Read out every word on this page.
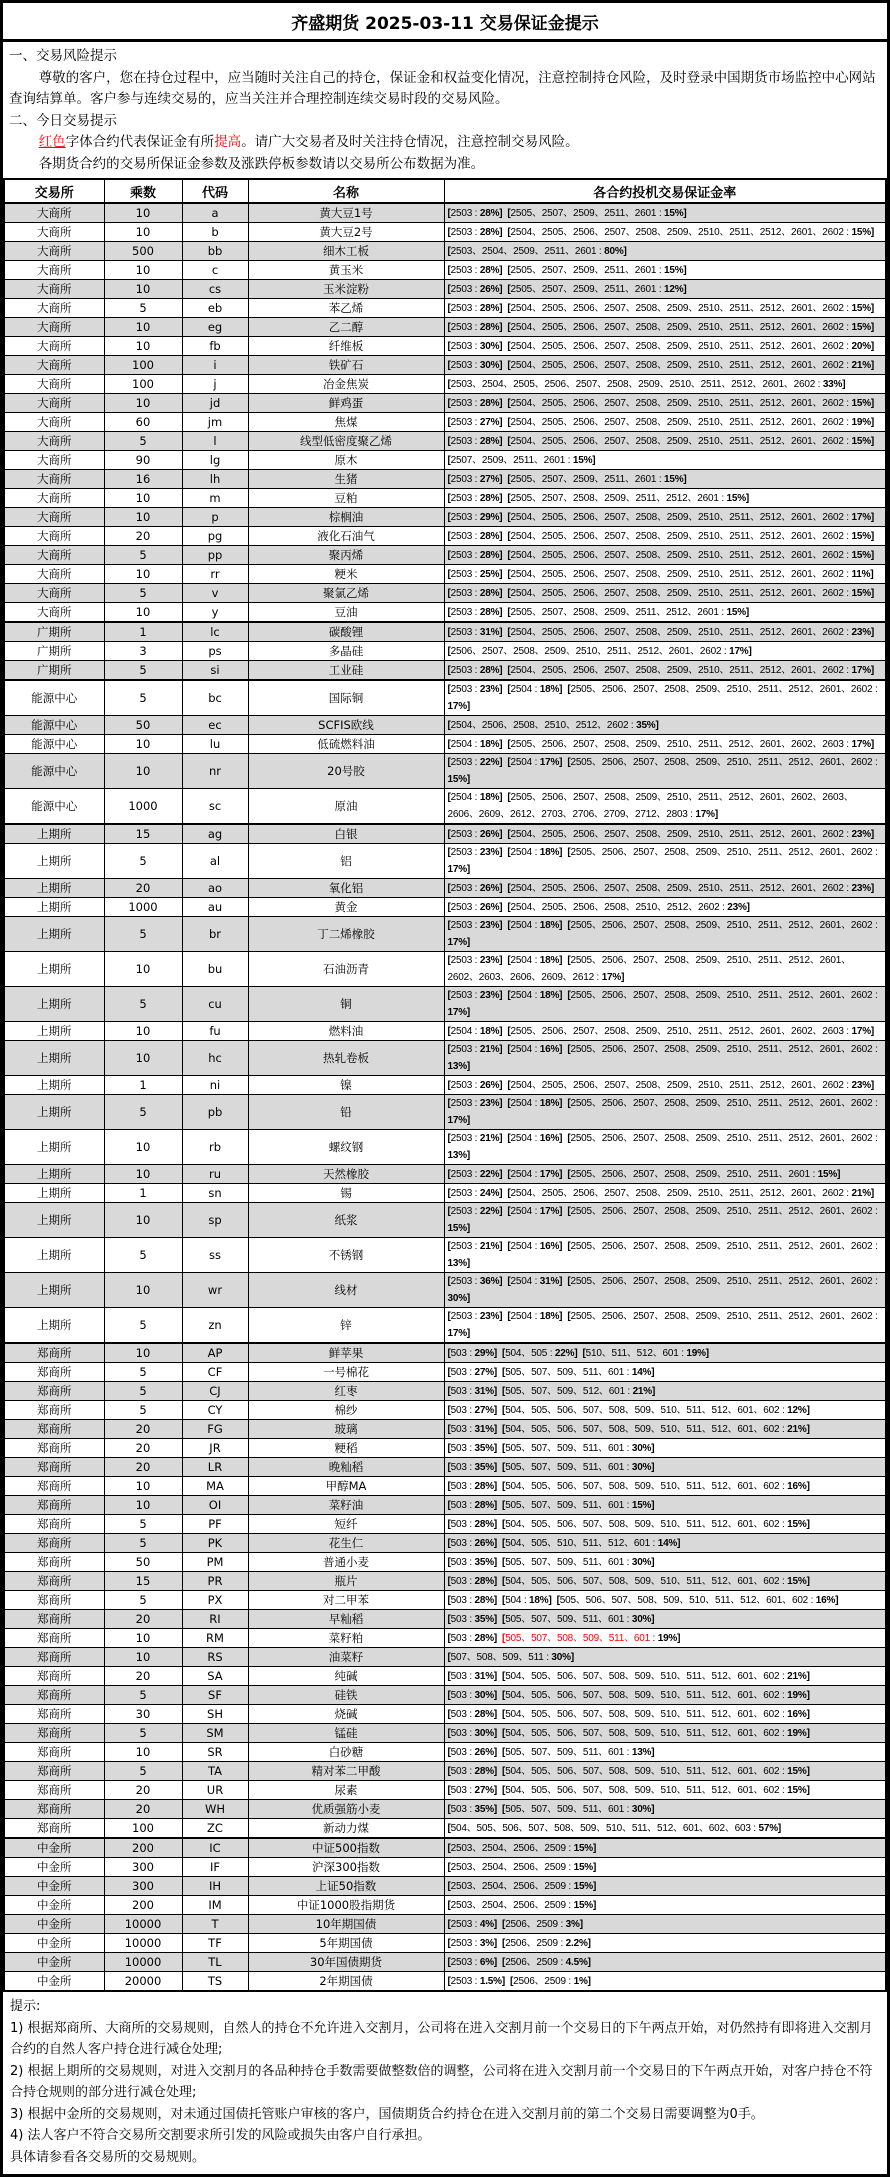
齐盛期货 2025-03-11 交易保证金提示

一、交易风险提示

尊敬的客户，您在持仓过程中，应当随时关注自己的持仓，保证金和权益变化情况，注意控制持仓风险，及时登录中国期货市场监控中心网站查询结算单。客户参与连续交易的，应当关注并合理控制连续交易时段的交易风险。

二、今日交易提示

红色字体合约代表保证金有所提高。请广大交易者及时关注持仓情况，注意控制交易风险。

各期货合约的交易所保证金参数及涨跌停板参数请以交易所公布数据为准。

交易所	乘数	代码	名称	各合约投机交易保证金率
大商所	10	a	黄大豆1号	[2503 : 28%] [2505、2507、2509、2511、2601 : 15%]
大商所	10	b	黄大豆2号	[2503 : 28%] [2504、2505、2506、2507、2508、2509、2510、2511、2512、2601、2602 : 15%]
大商所	500	bb	细木工板	[2503、2504、2509、2511、2601 : 80%]
大商所	10	c	黄玉米	[2503 : 28%] [2505、2507、2509、2511、2601 : 15%]
大商所	10	cs	玉米淀粉	[2503 : 26%] [2505、2507、2509、2511、2601 : 12%]
大商所	5	eb	苯乙烯	[2503 : 28%] [2504、2505、2506、2507、2508、2509、2510、2511、2512、2601、2602 : 15%]
大商所	10	eg	乙二醇	[2503 : 28%] [2504、2505、2506、2507、2508、2509、2510、2511、2512、2601、2602 : 15%]
大商所	10	fb	纤维板	[2503 : 30%] [2504、2505、2506、2507、2508、2509、2510、2511、2512、2601、2602 : 20%]
大商所	100	i	铁矿石	[2503 : 30%] [2504、2505、2506、2507、2508、2509、2510、2511、2512、2601、2602 : 21%]
大商所	100	j	冶金焦炭	[2503、2504、2505、2506、2507、2508、2509、2510、2511、2512、2601、2602 : 33%]
大商所	10	jd	鲜鸡蛋	[2503 : 28%] [2504、2505、2506、2507、2508、2509、2510、2511、2512、2601、2602 : 15%]
大商所	60	jm	焦煤	[2503 : 27%] [2504、2505、2506、2507、2508、2509、2510、2511、2512、2601、2602 : 19%]
大商所	5	l	线型低密度聚乙烯	[2503 : 28%] [2504、2505、2506、2507、2508、2509、2510、2511、2512、2601、2602 : 15%]
大商所	90	lg	原木	[2507、2509、2511、2601 : 15%]
大商所	16	lh	生猪	[2503 : 27%] [2505、2507、2509、2511、2601 : 15%]
大商所	10	m	豆粕	[2503 : 28%] [2505、2507、2508、2509、2511、2512、2601 : 15%]
大商所	10	p	棕榈油	[2503 : 29%] [2504、2505、2506、2507、2508、2509、2510、2511、2512、2601、2602 : 17%]
大商所	20	pg	液化石油气	[2503 : 28%] [2504、2505、2506、2507、2508、2509、2510、2511、2512、2601、2602 : 15%]
大商所	5	pp	聚丙烯	[2503 : 28%] [2504、2505、2506、2507、2508、2509、2510、2511、2512、2601、2602 : 15%]
大商所	10	rr	粳米	[2503 : 25%] [2504、2505、2506、2507、2508、2509、2510、2511、2512、2601、2602 : 11%]
大商所	5	v	聚氯乙烯	[2503 : 28%] [2504、2505、2506、2507、2508、2509、2510、2511、2512、2601、2602 : 15%]
大商所	10	y	豆油	[2503 : 28%] [2505、2507、2508、2509、2511、2512、2601 : 15%]
广期所	1	lc	碳酸锂	[2503 : 31%] [2504、2505、2506、2507、2508、2509、2510、2511、2512、2601、2602 : 23%]
广期所	3	ps	多晶硅	[2506、2507、2508、2509、2510、2511、2512、2601、2602 : 17%]
广期所	5	si	工业硅	[2503 : 28%] [2504、2505、2506、2507、2508、2509、2510、2511、2512、2601、2602 : 17%]
能源中心	5	bc	国际铜	[2503 : 23%] [2504 : 18%] [2505、2506、2507、2508、2509、2510、2511、2512、2601、2602 : 17%]
能源中心	50	ec	SCFIS欧线	[2504、2506、2508、2510、2512、2602 : 35%]
能源中心	10	lu	低硫燃料油	[2504 : 18%] [2505、2506、2507、2508、2509、2510、2511、2512、2601、2602、2603 : 17%]
能源中心	10	nr	20号胶	[2503 : 22%] [2504 : 17%] [2505、2506、2507、2508、2509、2510、2511、2512、2601、2602 : 15%]
能源中心	1000	sc	原油	[2504 : 18%] [2505、2506、2507、2508、2509、2510、2511、2512、2601、2602、2603、2606、2609、2612、2703、2706、2709、2712、2803 : 17%]
上期所	15	ag	白银	[2503 : 26%] [2504、2505、2506、2507、2508、2509、2510、2511、2512、2601、2602 : 23%]
上期所	5	al	铝	[2503 : 23%] [2504 : 18%] [2505、2506、2507、2508、2509、2510、2511、2512、2601、2602 : 17%]
上期所	20	ao	氧化铝	[2503 : 26%] [2504、2505、2506、2507、2508、2509、2510、2511、2512、2601、2602 : 23%]
上期所	1000	au	黄金	[2503 : 26%] [2504、2505、2506、2508、2510、2512、2602 : 23%]
上期所	5	br	丁二烯橡胶	[2503 : 23%] [2504 : 18%] [2505、2506、2507、2508、2509、2510、2511、2512、2601、2602 : 17%]
上期所	10	bu	石油沥青	[2503 : 23%] [2504 : 18%] [2505、2506、2507、2508、2509、2510、2511、2512、2601、2602、2603、2606、2609、2612 : 17%]
上期所	5	cu	铜	[2503 : 23%] [2504 : 18%] [2505、2506、2507、2508、2509、2510、2511、2512、2601、2602 : 17%]
上期所	10	fu	燃料油	[2504 : 18%] [2505、2506、2507、2508、2509、2510、2511、2512、2601、2602、2603 : 17%]
上期所	10	hc	热轧卷板	[2503 : 21%] [2504 : 16%] [2505、2506、2507、2508、2509、2510、2511、2512、2601、2602 : 13%]
上期所	1	ni	镍	[2503 : 26%] [2504、2505、2506、2507、2508、2509、2510、2511、2512、2601、2602 : 23%]
上期所	5	pb	铅	[2503 : 23%] [2504 : 18%] [2505、2506、2507、2508、2509、2510、2511、2512、2601、2602 : 17%]
上期所	10	rb	螺纹钢	[2503 : 21%] [2504 : 16%] [2505、2506、2507、2508、2509、2510、2511、2512、2601、2602 : 13%]
上期所	10	ru	天然橡胶	[2503 : 22%] [2504 : 17%] [2505、2506、2507、2508、2509、2510、2511、2601 : 15%]
上期所	1	sn	锡	[2503 : 24%] [2504、2505、2506、2507、2508、2509、2510、2511、2512、2601、2602 : 21%]
上期所	10	sp	纸浆	[2503 : 22%] [2504 : 17%] [2505、2506、2507、2508、2509、2510、2511、2512、2601、2602 : 15%]
上期所	5	ss	不锈钢	[2503 : 21%] [2504 : 16%] [2505、2506、2507、2508、2509、2510、2511、2512、2601、2602 : 13%]
上期所	10	wr	线材	[2503 : 36%] [2504 : 31%] [2505、2506、2507、2508、2509、2510、2511、2512、2601、2602 : 30%]
上期所	5	zn	锌	[2503 : 23%] [2504 : 18%] [2505、2506、2507、2508、2509、2510、2511、2512、2601、2602 : 17%]
郑商所	10	AP	鲜苹果	[503 : 29%] [504、505 : 22%] [510、511、512、601 : 19%]
郑商所	5	CF	一号棉花	[503 : 27%] [505、507、509、511、601 : 14%]
郑商所	5	CJ	红枣	[503 : 31%] [505、507、509、512、601 : 21%]
郑商所	5	CY	棉纱	[503 : 27%] [504、505、506、507、508、509、510、511、512、601、602 : 12%]
郑商所	20	FG	玻璃	[503 : 31%] [504、505、506、507、508、509、510、511、512、601、602 : 21%]
郑商所	20	JR	粳稻	[503 : 35%] [505、507、509、511、601 : 30%]
郑商所	20	LR	晚籼稻	[503 : 35%] [505、507、509、511、601 : 30%]
郑商所	10	MA	甲醇MA	[503 : 28%] [504、505、506、507、508、509、510、511、512、601、602 : 16%]
郑商所	10	OI	菜籽油	[503 : 28%] [505、507、509、511、601 : 15%]
郑商所	5	PF	短纤	[503 : 28%] [504、505、506、507、508、509、510、511、512、601、602 : 15%]
郑商所	5	PK	花生仁	[503 : 26%] [504、505、510、511、512、601 : 14%]
郑商所	50	PM	普通小麦	[503 : 35%] [505、507、509、511、601 : 30%]
郑商所	15	PR	瓶片	[503 : 28%] [504、505、506、507、508、509、510、511、512、601、602 : 15%]
郑商所	5	PX	对二甲苯	[503 : 28%] [504 : 18%] [505、506、507、508、509、510、511、512、601、602 : 16%]
郑商所	20	RI	早籼稻	[503 : 35%] [505、507、509、511、601 : 30%]
郑商所	10	RM	菜籽粕	[503 : 28%] [505、507、508、509、511、601 : 19%]
郑商所	10	RS	油菜籽	[507、508、509、511 : 30%]
郑商所	20	SA	纯碱	[503 : 31%] [504、505、506、507、508、509、510、511、512、601、602 : 21%]
郑商所	5	SF	硅铁	[503 : 30%] [504、505、506、507、508、509、510、511、512、601、602 : 19%]
郑商所	30	SH	烧碱	[503 : 28%] [504、505、506、507、508、509、510、511、512、601、602 : 16%]
郑商所	5	SM	锰硅	[503 : 30%] [504、505、506、507、508、509、510、511、512、601、602 : 19%]
郑商所	10	SR	白砂糖	[503 : 26%] [505、507、509、511、601 : 13%]
郑商所	5	TA	精对苯二甲酸	[503 : 28%] [504、505、506、507、508、509、510、511、512、601、602 : 15%]
郑商所	20	UR	尿素	[503 : 27%] [504、505、506、507、508、509、510、511、512、601、602 : 15%]
郑商所	20	WH	优质强筋小麦	[503 : 35%] [505、507、509、511、601 : 30%]
郑商所	100	ZC	新动力煤	[504、505、506、507、508、509、510、511、512、601、602、603 : 57%]
中金所	200	IC	中证500指数	[2503、2504、2506、2509 : 15%]
中金所	300	IF	沪深300指数	[2503、2504、2506、2509 : 15%]
中金所	300	IH	上证50指数	[2503、2504、2506、2509 : 15%]
中金所	200	IM	中证1000股指期货	[2503、2504、2506、2509 : 15%]
中金所	10000	T	10年期国债	[2503 : 4%] [2506、2509 : 3%]
中金所	10000	TF	5年期国债	[2503 : 3%] [2506、2509 : 2.2%]
中金所	10000	TL	30年国债期货	[2503 : 6%] [2506、2509 : 4.5%]
中金所	20000	TS	2年期国债	[2503 : 1.5%] [2506、2509 : 1%]
提示:
1) 根据郑商所、大商所的交易规则，自然人的持仓不允许进入交割月，公司将在进入交割月前一个交易日的下午两点开始，对仍然持有即将进入交割月合约的自然人客户持仓进行减仓处理;
2) 根据上期所的交易规则，对进入交割月的各品种持仓手数需要做整数倍的调整，公司将在进入交割月前一个交易日的下午两点开始，对客户持仓不符合持仓规则的部分进行减仓处理;
3) 根据中金所的交易规则，对未通过国债托管账户审核的客户，国债期货合约持仓在进入交割月前的第二个交易日需要调整为0手。
4) 法人客户不符合交易所交割要求所引发的风险或损失由客户自行承担。
具体请参看各交易所的交易规则。
